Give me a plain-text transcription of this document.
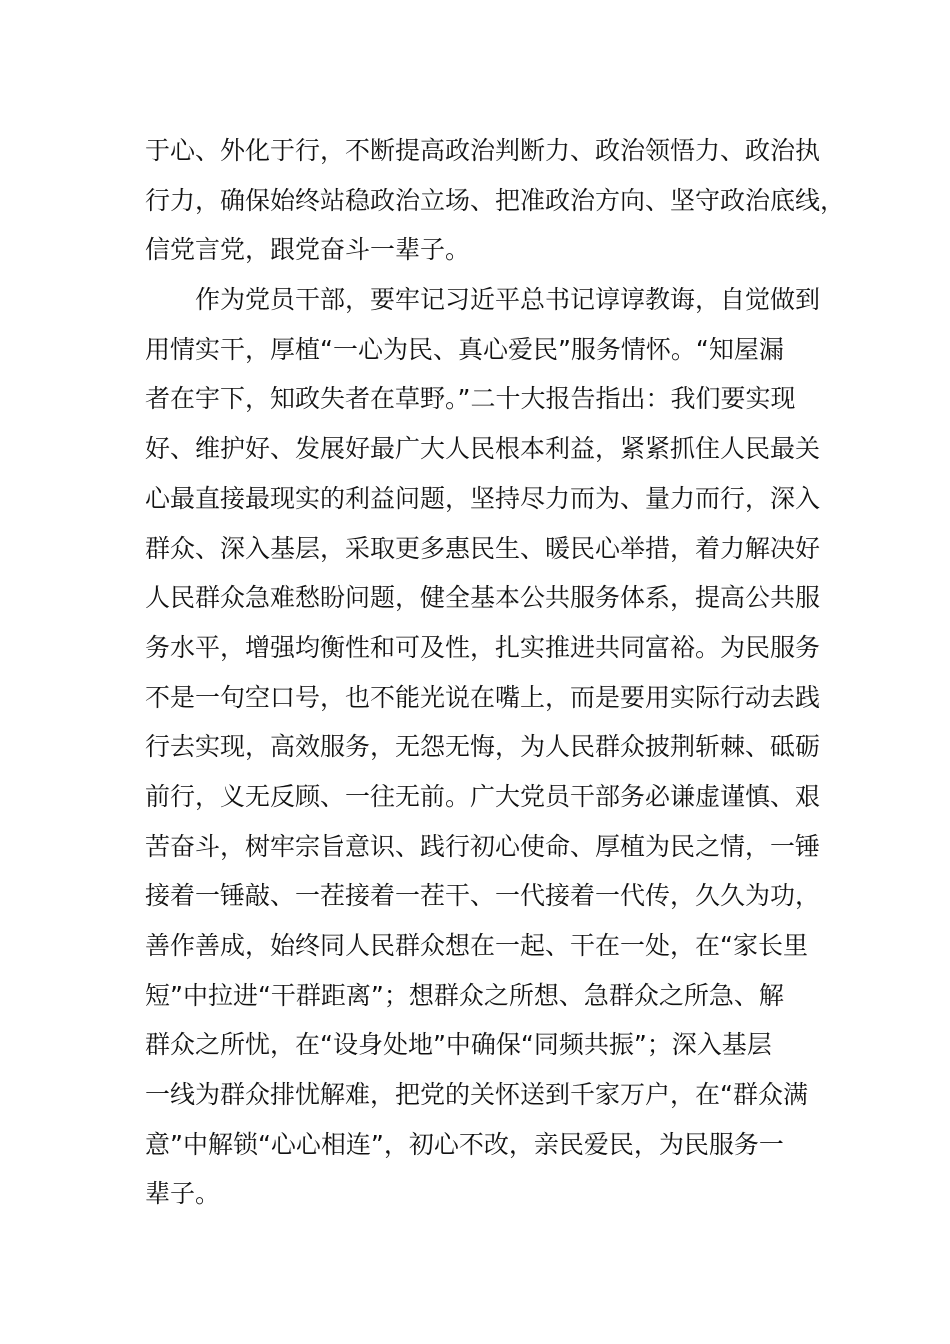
于心、外化于行，不断提高政治判断力、政治领悟力、政治执
行力，确保始终站稳政治立场、把准政治方向、坚守政治底线，
信党言党，跟党奋斗一辈子。
作为党员干部，要牢记习近平总书记谆谆教诲，自觉做到
用情实干，厚植“一心为民、真心爱民”服务情怀。“知屋漏
者在宇下，知政失者在草野。”二十大报告指出：我们要实现
好、维护好、发展好最广大人民根本利益，紧紧抓住人民最关
心最直接最现实的利益问题，坚持尽力而为、量力而行，深入
群众、深入基层，采取更多惠民生、暖民心举措，着力解决好
人民群众急难愁盼问题，健全基本公共服务体系，提高公共服
务水平，增强均衡性和可及性，扎实推进共同富裕。为民服务
不是一句空口号，也不能光说在嘴上，而是要用实际行动去践
行去实现，高效服务，无怨无悔，为人民群众披荆斩棘、砥砺
前行，义无反顾、一往无前。广大党员干部务必谦虚谨慎、艰
苦奋斗，树牢宗旨意识、践行初心使命、厚植为民之情，一锤
接着一锤敲、一茬接着一茬干、一代接着一代传，久久为功，
善作善成，始终同人民群众想在一起、干在一处，在“家长里
短”中拉进“干群距离”；想群众之所想、急群众之所急、解
群众之所忧，在“设身处地”中确保“同频共振”；深入基层
一线为群众排忧解难，把党的关怀送到千家万户，在“群众满
意”中解锁“心心相连”，初心不改，亲民爱民，为民服务一
辈子。
